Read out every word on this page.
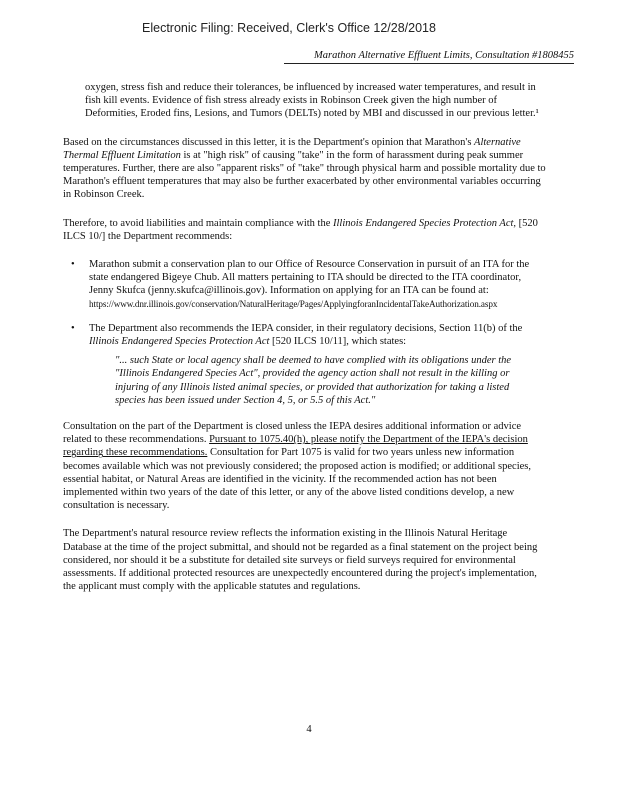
Electronic Filing: Received, Clerk's Office 12/28/2018
Marathon Alternative Effluent Limits, Consultation #1808455

oxygen, stress fish and reduce their tolerances, be influenced by increased water temperatures, and result in fish kill events. Evidence of fish stress already exists in Robinson Creek given the high number of Deformities, Eroded fins, Lesions, and Tumors (DELTs) noted by MBI and discussed in our previous letter.¹

Based on the circumstances discussed in this letter, it is the Department's opinion that Marathon's Alternative Thermal Effluent Limitation is at "high risk" of causing "take" in the form of harassment during peak summer temperatures. Further, there are also "apparent risks" of "take" through physical harm and possible mortality due to Marathon's effluent temperatures that may also be further exacerbated by other environmental variables occurring in Robinson Creek.

Therefore, to avoid liabilities and maintain compliance with the Illinois Endangered Species Protection Act, [520 ILCS 10/] the Department recommends:

• Marathon submit a conservation plan to our Office of Resource Conservation in pursuit of an ITA for the state endangered Bigeye Chub. All matters pertaining to ITA should be directed to the ITA coordinator, Jenny Skufca (jenny.skufca@illinois.gov). Information on applying for an ITA can be found at:
https://www.dnr.illinois.gov/conservation/NaturalHeritage/Pages/ApplyingforanIncidentalTakeAuthorization.aspx
• The Department also recommends the IEPA consider, in their regulatory decisions, Section 11(b) of the Illinois Endangered Species Protection Act [520 ILCS 10/11], which states:
"... such State or local agency shall be deemed to have complied with its obligations under the "Illinois Endangered Species Act", provided the agency action shall not result in the killing or injuring of any Illinois listed animal species, or provided that authorization for taking a listed species has been issued under Section 4, 5, or 5.5 of this Act."

Consultation on the part of the Department is closed unless the IEPA desires additional information or advice related to these recommendations. Pursuant to 1075.40(h), please notify the Department of the IEPA's decision regarding these recommendations. Consultation for Part 1075 is valid for two years unless new information becomes available which was not previously considered; the proposed action is modified; or additional species, essential habitat, or Natural Areas are identified in the vicinity. If the recommended action has not been implemented within two years of the date of this letter, or any of the above listed conditions develop, a new consultation is necessary.

The Department's natural resource review reflects the information existing in the Illinois Natural Heritage Database at the time of the project submittal, and should not be regarded as a final statement on the project being considered, nor should it be a substitute for detailed site surveys or field surveys required for environmental assessments. If additional protected resources are unexpectedly encountered during the project's implementation, the applicant must comply with the applicable statutes and regulations.

4
